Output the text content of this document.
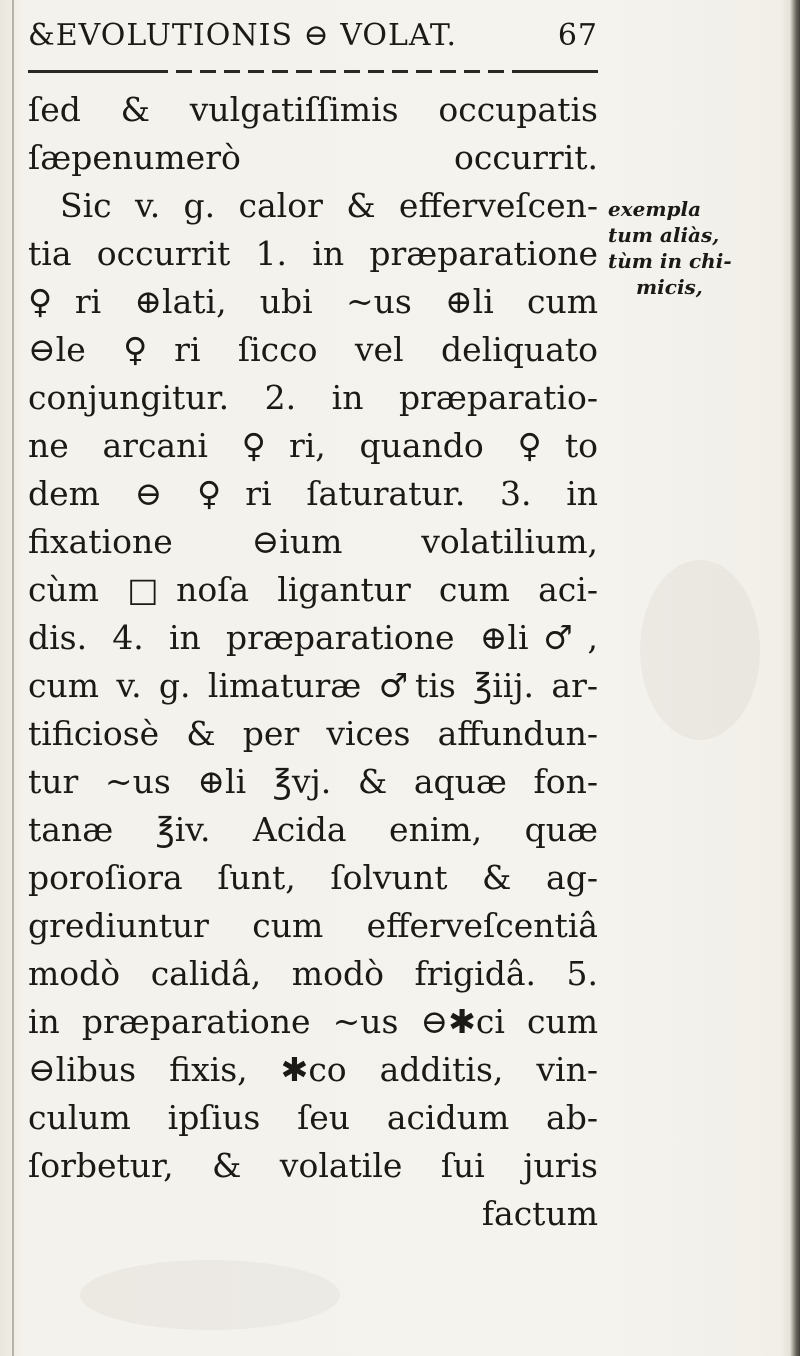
&EVOLUTIONIS ⊖ VOLAT.	67
ſed & vulgatiſſimis occupatis
ſæpenumerò occurrit.
Sic v. g. calor & efferveſcen-
tia occurrit 1. in præparatione
♀ri ⊕lati, ubi ~us ⊕li cum
⊖le ♀ri ſicco vel deliquato
conjungitur. 2. in præparatio-
ne arcani ♀ri, quando ♀to
dem ⊖ ♀ri ſaturatur. 3. in
fixatione ⊖ium volatilium,
cùm □noſa ligantur cum aci-
dis. 4. in præparatione ⊕li♂,
cum v. g. limaturæ ♂tis ℥iij. ar-
tificiosè & per vices affundun-
tur ~us ⊕li ℥vj. & aquæ fon-
tanæ ℥iv. Acida enim, quæ
poroſiora ſunt, ſolvunt & ag-
grediuntur cum efferveſcentiâ
modò calidâ, modò frigidâ. 5.
in præparatione ~us ⊖✱ci cum
⊖libus fixis, ✱co additis, vin-
culum ipſius ſeu acidum ab-
ſorbetur, & volatile ſui juris
factum
exempla
tum aliàs,
tùm in chi-
micis,
